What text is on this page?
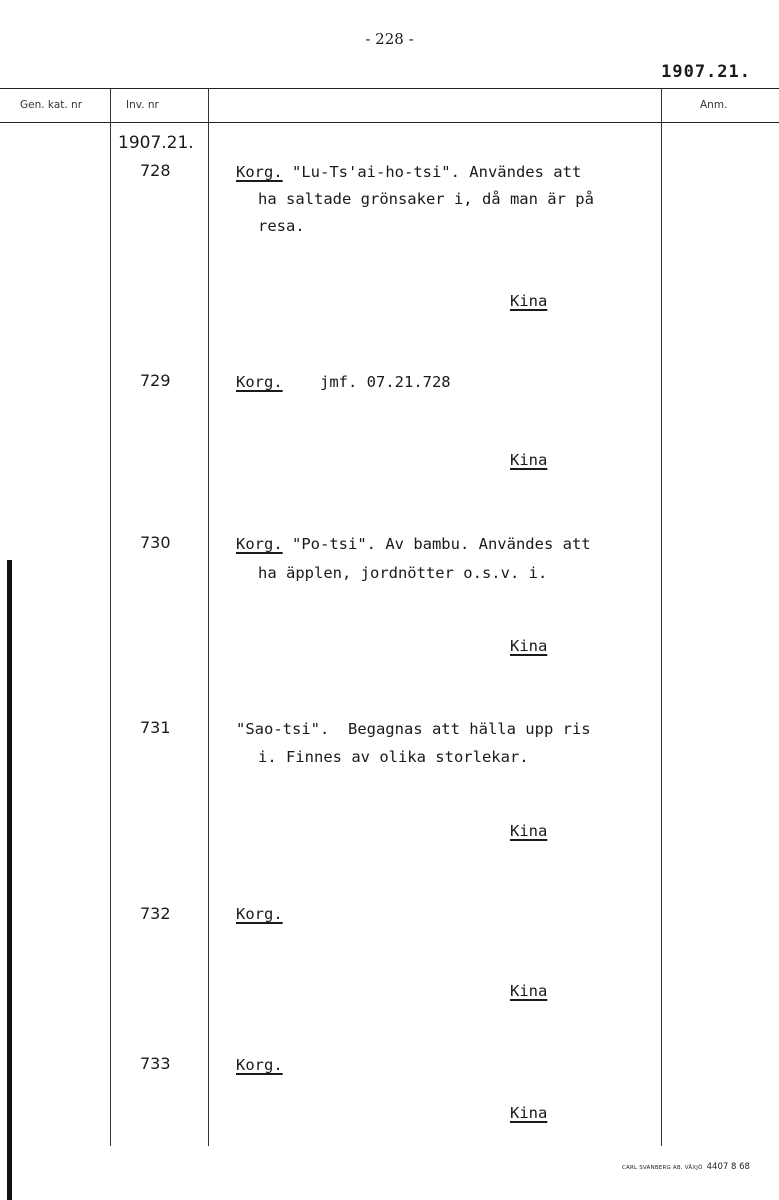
- 228 -
1907.21.
Gen. kat. nr	Inv. nr	Anm.
1907.21.
728	Korg. "Lu-Ts'ai-ho-tsi". Användes att
ha saltade grönsaker i, då man är på
resa.
Kina
729	Korg.    jmf. 07.21.728
Kina
730	Korg. "Po-tsi". Av bambu. Användes att
ha äpplen, jordnötter o.s.v. i.
Kina
731	"Sao-tsi".  Begagnas att hälla upp ris
i. Finnes av olika storlekar.
Kina
732	Korg.
Kina
733	Korg.
Kina
CARL SVANBERG AB. VÄXJÖ 4407 8 68
